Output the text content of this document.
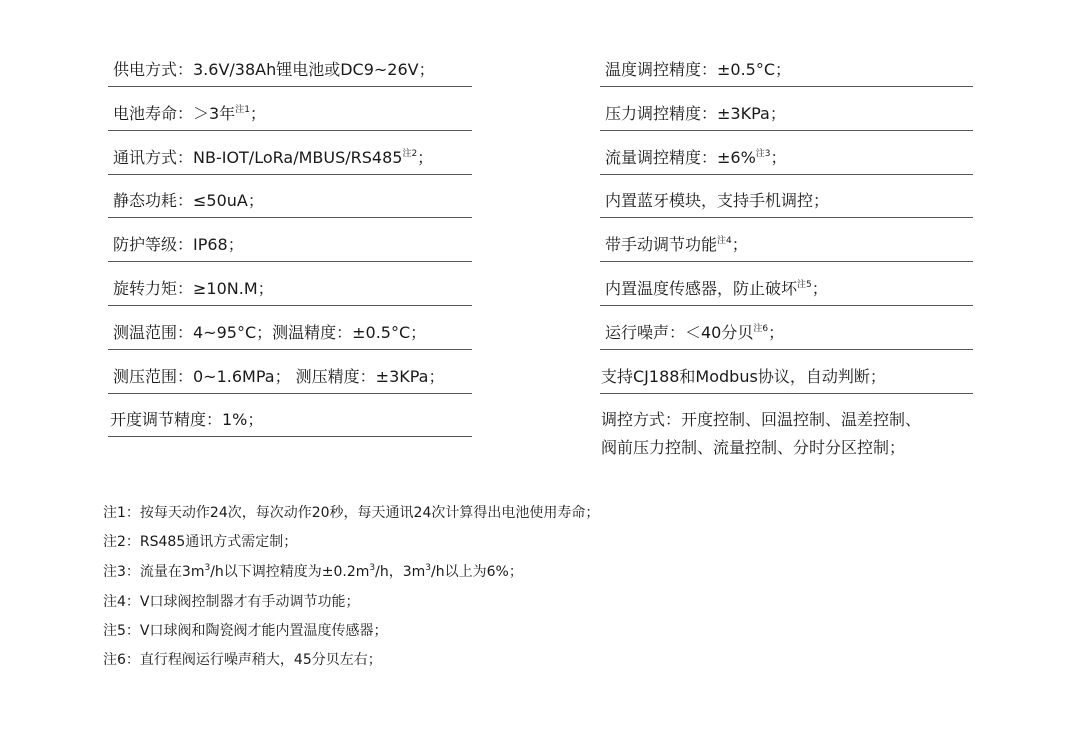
供电方式：3.6V/38Ah锂电池或DC9~26V；
电池寿命：＞3年$^{注1}$；
通讯方式：NB-IOT/LoRa/MBUS/RS485$^{注2}$；
静态功耗：≤50uA；
防护等级：IP68；
旋转力矩：≥10N.M；
测温范围：4~95°C；测温精度：±0.5°C；
测压范围：0~1.6MPa； 测压精度：±3KPa；
开度调节精度：1%；
温度调控精度：±0.5°C；
压力调控精度：±3KPa；
流量调控精度：±6%$^{注3}$；
内置蓝牙模块，支持手机调控；
带手动调节功能$^{注4}$；
内置温度传感器，防止破坏$^{注5}$；
运行噪声：＜40分贝$^{注6}$；
支持CJ188和Modbus协议，自动判断；
调控方式：开度控制、回温控制、温差控制、
阀前压力控制、流量控制、分时分区控制；
注1：按每天动作24次，每次动作20秒，每天通讯24次计算得出电池使用寿命；
注2：RS485通讯方式需定制；
注3：流量在$3m^3/h$以下调控精度为$\pm 0.2m^3/h$，$3m^3/h$以上为6%；
注4：V口球阀控制器才有手动调节功能；
注5：V口球阀和陶瓷阀才能内置温度传感器；
注6：直行程阀运行噪声稍大，45分贝左右；
